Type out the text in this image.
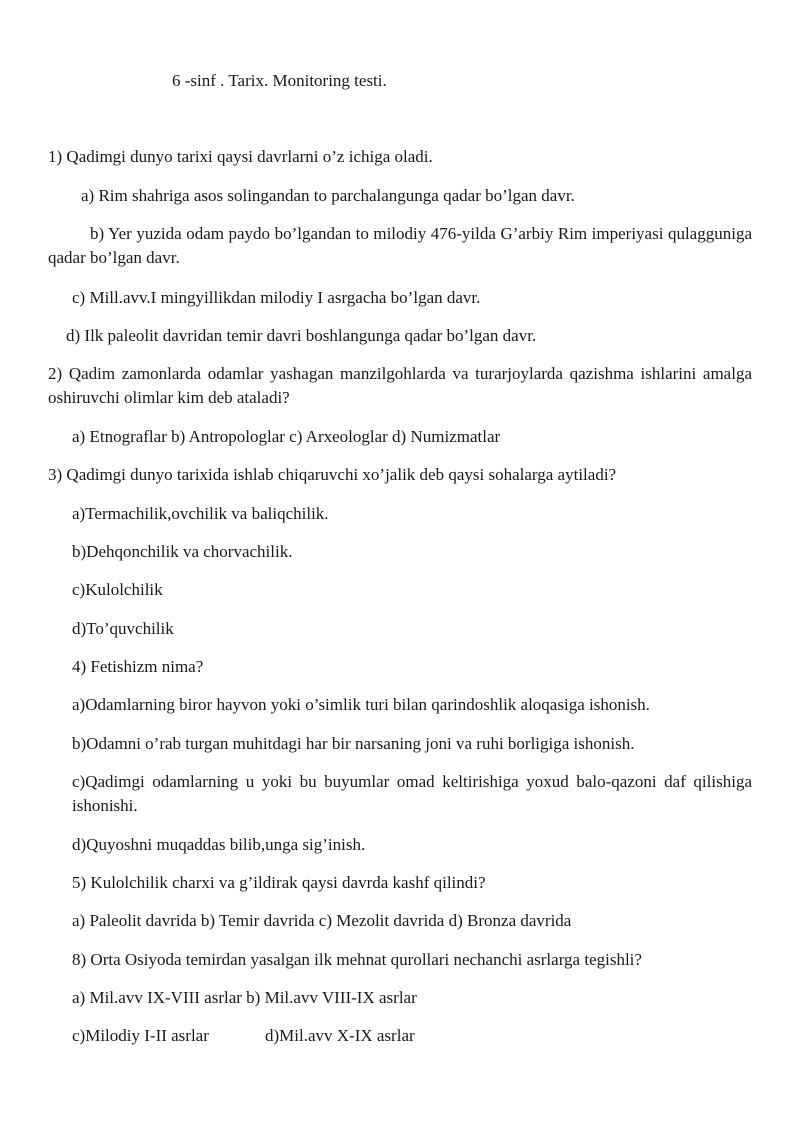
6 -sinf . Tarix. Monitoring testi.
1) Qadimgi dunyo tarixi qaysi davrlarni o’z ichiga oladi.
a) Rim shahriga asos solingandan to parchalangunga qadar bo’lgan davr.
b) Yer yuzida odam paydo bo’lgandan to milodiy 476-yilda G’arbiy Rim imperiyasi qulagguniga qadar bo’lgan davr.
c) Mill.avv.I mingyillikdan milodiy I asrgacha bo’lgan davr.
d) Ilk paleolit davridan temir davri boshlangunga qadar bo’lgan davr.
2) Qadim zamonlarda odamlar yashagan manzilgohlarda va turarjoylarda qazishma ishlarini amalga oshiruvchi olimlar kim deb ataladi?
a) Etnograflar b) Antropologlar c) Arxeologlar d) Numizmatlar
3) Qadimgi dunyo tarixida ishlab chiqaruvchi xo’jalik deb qaysi sohalarga aytiladi?
a)Termachilik,ovchilik va baliqchilik.
b)Dehqonchilik va chorvachilik.
c)Kulolchilik
d)To’quvchilik
4) Fetishizm nima?
a)Odamlarning biror hayvon yoki o’simlik turi bilan qarindoshlik aloqasiga ishonish.
b)Odamni o’rab turgan muhitdagi har bir narsaning joni va ruhi borligiga ishonish.
c)Qadimgi odamlarning u yoki bu buyumlar omad keltirishiga yoxud balo-qazoni daf qilishiga ishonishi.
d)Quyoshni muqaddas bilib,unga sig’inish.
5) Kulolchilik charxi va g’ildirak qaysi davrda kashf qilindi?
a) Paleolit davrida b) Temir davrida c) Mezolit davrida d) Bronza davrida
8) Orta Osiyoda temirdan yasalgan ilk mehnat qurollari nechanchi asrlarga tegishli?
a) Mil.avv IX-VIII asrlar b) Mil.avv VIII-IX asrlar
c)Milodiy I-II asrlar	d)Mil.avv X-IX asrlar
